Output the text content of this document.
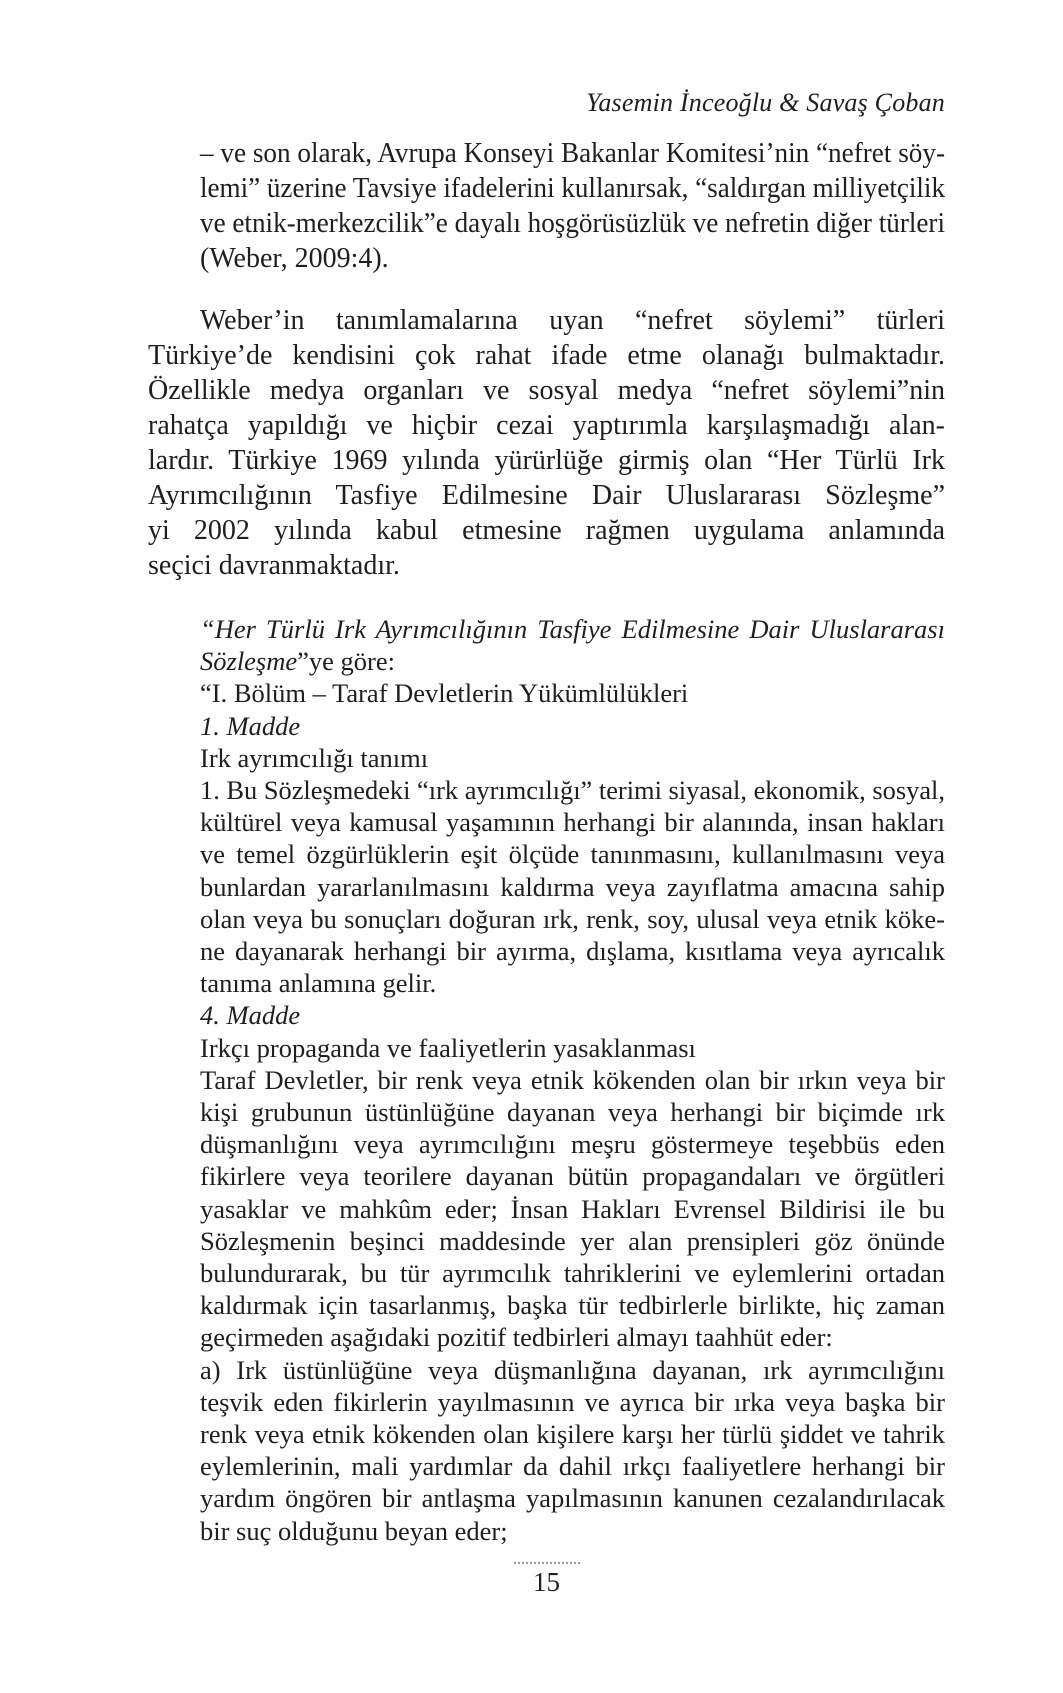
Yasemin İnceoğlu & Savaş Çoban
– ve son olarak, Avrupa Konseyi Bakanlar Komitesi’nin “nefret söy-
lemi” üzerine Tavsiye ifadelerini kullanırsak, “saldırgan milliyetçilik
ve etnik-merkezcilik”e dayalı hoşgörüsüzlük ve nefretin diğer türleri
(Weber, 2009:4).
Weber’in tanımlamalarına uyan “nefret söylemi” türleri
Türkiye’de kendisini çok rahat ifade etme olanağı bulmaktadır.
Özellikle medya organları ve sosyal medya “nefret söylemi”nin
rahatça yapıldığı ve hiçbir cezai yaptırımla karşılaşmadığı alan-
lardır. Türkiye 1969 yılında yürürlüğe girmiş olan “Her Türlü Irk
Ayrımcılığının Tasfiye Edilmesine Dair Uluslararası Sözleşme”
yi 2002 yılında kabul etmesine rağmen uygulama anlamında
seçici davranmaktadır.
“Her Türlü Irk Ayrımcılığının Tasfiye Edilmesine Dair Uluslararası
Sözleşme”ye göre:
“I. Bölüm – Taraf Devletlerin Yükümlülükleri
1. Madde
Irk ayrımcılığı tanımı
1. Bu Sözleşmedeki “ırk ayrımcılığı” terimi siyasal, ekonomik, sosyal,
kültürel veya kamusal yaşamının herhangi bir alanında, insan hakları
ve temel özgürlüklerin eşit ölçüde tanınmasını, kullanılmasını veya
bunlardan yararlanılmasını kaldırma veya zayıflatma amacına sahip
olan veya bu sonuçları doğuran ırk, renk, soy, ulusal veya etnik köke-
ne dayanarak herhangi bir ayırma, dışlama, kısıtlama veya ayrıcalık
tanıma anlamına gelir.
4. Madde
Irkçı propaganda ve faaliyetlerin yasaklanması
Taraf Devletler, bir renk veya etnik kökenden olan bir ırkın veya bir
kişi grubunun üstünlüğüne dayanan veya herhangi bir biçimde ırk
düşmanlığını veya ayrımcılığını meşru göstermeye teşebbüs eden
fikirlere veya teorilere dayanan bütün propagandaları ve örgütleri
yasaklar ve mahkûm eder; İnsan Hakları Evrensel Bildirisi ile bu
Sözleşmenin beşinci maddesinde yer alan prensipleri göz önünde
bulundurarak, bu tür ayrımcılık tahriklerini ve eylemlerini ortadan
kaldırmak için tasarlanmış, başka tür tedbirlerle birlikte, hiç zaman
geçirmeden aşağıdaki pozitif tedbirleri almayı taahhüt eder:
a) Irk üstünlüğüne veya düşmanlığına dayanan, ırk ayrımcılığını
teşvik eden fikirlerin yayılmasının ve ayrıca bir ırka veya başka bir
renk veya etnik kökenden olan kişilere karşı her türlü şiddet ve tahrik
eylemlerinin, mali yardımlar da dahil ırkçı faaliyetlere herhangi bir
yardım öngören bir antlaşma yapılmasının kanunen cezalandırılacak
bir suç olduğunu beyan eder;
15
